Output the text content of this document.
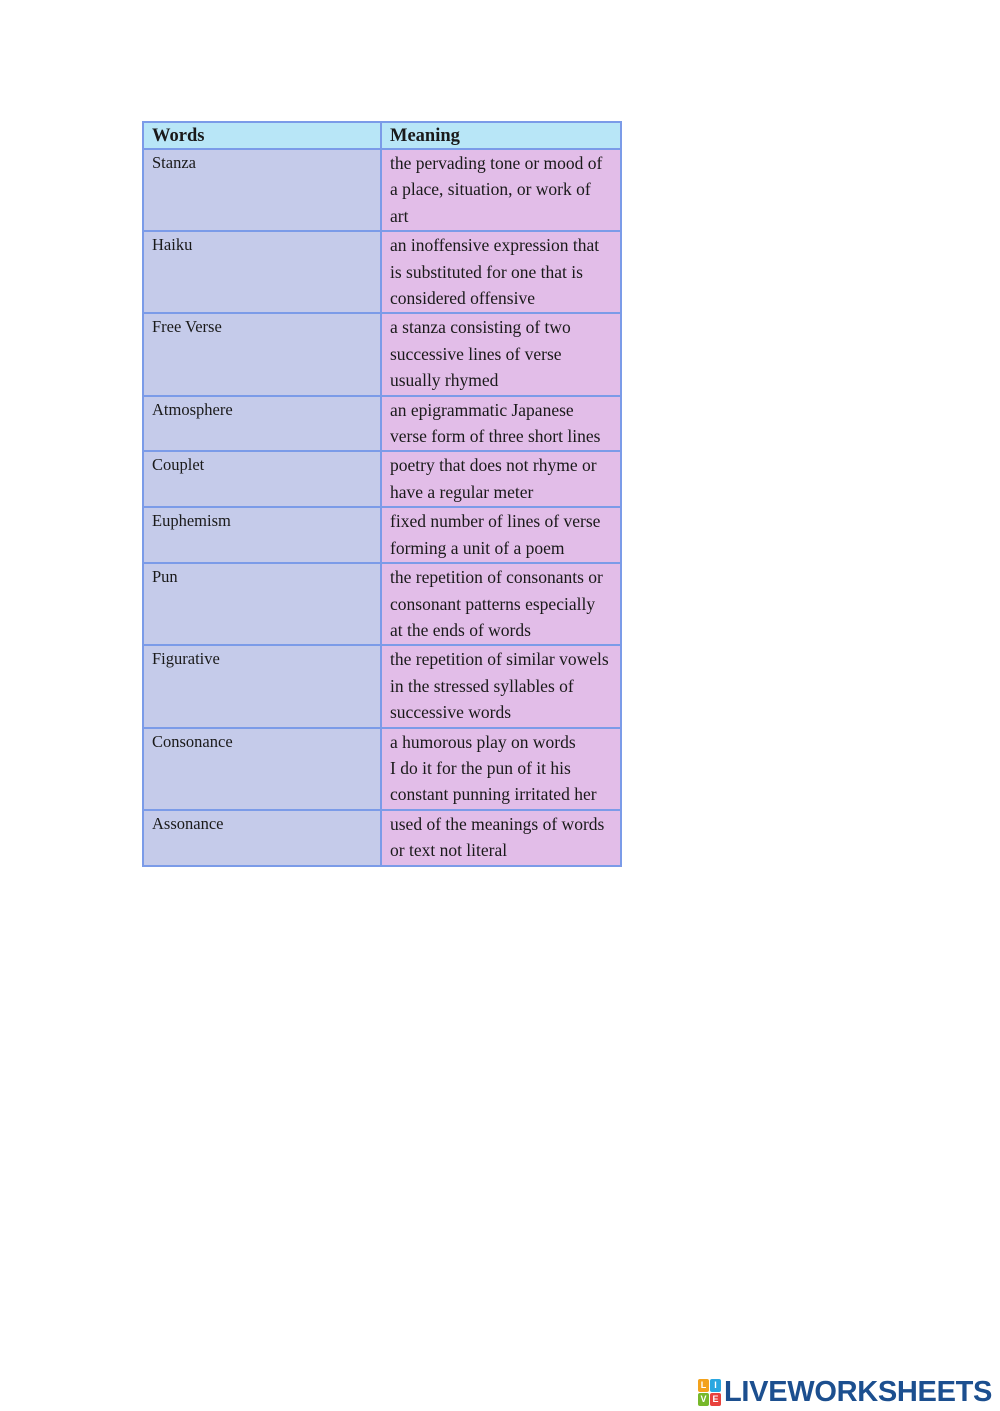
Words	Meaning
Stanza	the pervading tone or mood of
a place, situation, or work of
art

Haiku	an inoffensive expression that
is substituted for one that is
considered offensive

Free Verse	a stanza consisting of two
successive lines of verse
usually rhymed

Atmosphere	an epigrammatic Japanese
verse form of three short lines

Couplet	poetry that does not rhyme or
have a regular meter

Euphemism	fixed number of lines of verse
forming a unit of a poem

Pun	the repetition of consonants or
consonant patterns especially
at the ends of words

Figurative	the repetition of similar vowels
in the stressed syllables of
successive words

Consonance	a humorous play on words
I do it for the pun of it his
constant punning irritated her

Assonance	used of the meanings of words
or text not literal
L I
V E LIVEWORKSHEETS
